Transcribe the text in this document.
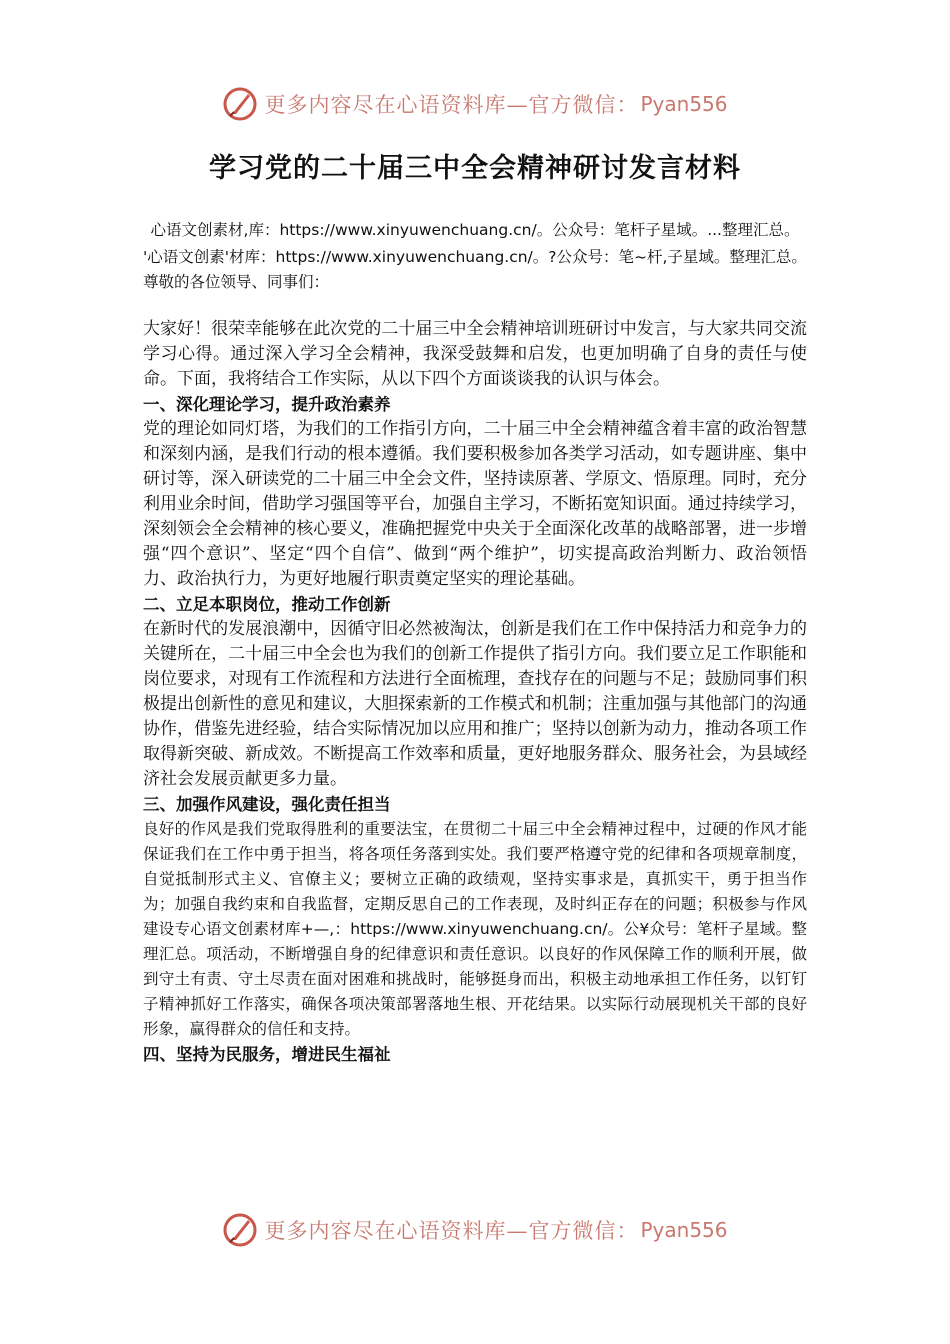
更多内容尽在心语资料库—官方微信： Pyan556
学习党的二十届三中全会精神研讨发言材料

心语文创素材,库：https://www.xinyuwenchuang.cn/。公众号：笔杆子星域。...整理汇总。

'心语文创素'材库：https://www.xinyuwenchuang.cn/。?公众号：笔~杆,子星域。整理汇总。尊敬的各位领导、同事们：

大家好！很荣幸能够在此次党的二十届三中全会精神培训班研讨中发言，与大家共同交流学习心得。通过深入学习全会精神，我深受鼓舞和启发，也更加明确了自身的责任与使命。下面，我将结合工作实际，从以下四个方面谈谈我的认识与体会。

一、深化理论学习，提升政治素养

党的理论如同灯塔，为我们的工作指引方向，二十届三中全会精神蕴含着丰富的政治智慧和深刻内涵，是我们行动的根本遵循。我们要积极参加各类学习活动，如专题讲座、集中研讨等，深入研读党的二十届三中全会文件，坚持读原著、学原文、悟原理。同时，充分利用业余时间，借助学习强国等平台，加强自主学习，不断拓宽知识面。通过持续学习，深刻领会全会精神的核心要义，准确把握党中央关于全面深化改革的战略部署，进一步增强“四个意识”、坚定“四个自信”、做到“两个维护”，切实提高政治判断力、政治领悟力、政治执行力，为更好地履行职责奠定坚实的理论基础。

二、立足本职岗位，推动工作创新

在新时代的发展浪潮中，因循守旧必然被淘汰，创新是我们在工作中保持活力和竞争力的关键所在，二十届三中全会也为我们的创新工作提供了指引方向。我们要立足工作职能和岗位要求，对现有工作流程和方法进行全面梳理，查找存在的问题与不足；鼓励同事们积极提出创新性的意见和建议，大胆探索新的工作模式和机制；注重加强与其他部门的沟通协作，借鉴先进经验，结合实际情况加以应用和推广；坚持以创新为动力，推动各项工作取得新突破、新成效。不断提高工作效率和质量，更好地服务群众、服务社会，为县域经济社会发展贡献更多力量。

三、加强作风建设，强化责任担当

良好的作风是我们党取得胜利的重要法宝，在贯彻二十届三中全会精神过程中，过硬的作风才能保证我们在工作中勇于担当，将各项任务落到实处。我们要严格遵守党的纪律和各项规章制度，自觉抵制形式主义、官僚主义；要树立正确的政绩观，坚持实事求是，真抓实干，勇于担当作为；加强自我约束和自我监督，定期反思自己的工作表现，及时纠正存在的问题；积极参与作风建设专心语文创素材库+—,：https://www.xinyuwenchuang.cn/。公¥众号：笔杆子星域。整理汇总。项活动，不断增强自身的纪律意识和责任意识。以良好的作风保障工作的顺利开展，做到守土有责、守土尽责在面对困难和挑战时，能够挺身而出，积极主动地承担工作任务，以钉钉子精神抓好工作落实，确保各项决策部署落地生根、开花结果。以实际行动展现机关干部的良好形象，赢得群众的信任和支持。

四、坚持为民服务，增进民生福祉

更多内容尽在心语资料库—官方微信： Pyan556
